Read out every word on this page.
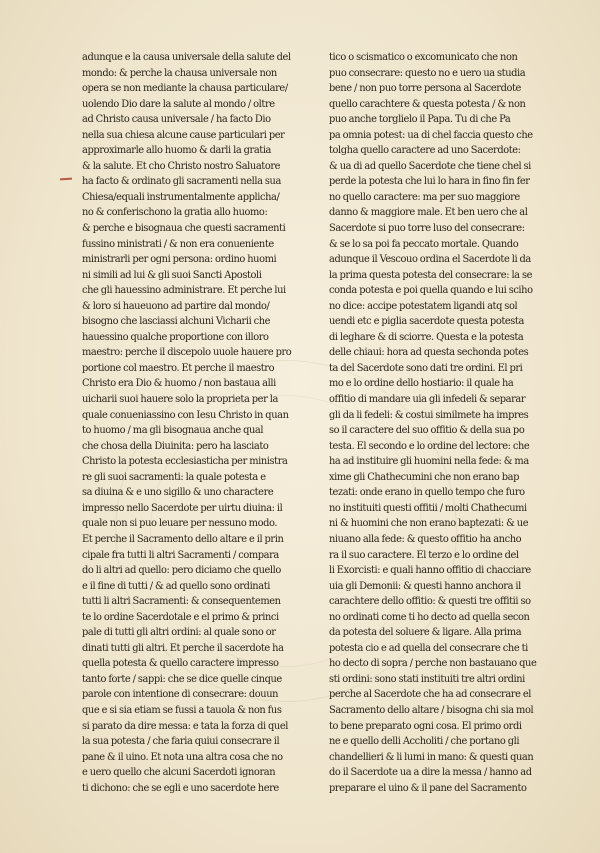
adunque e la causa universale della salute del
mondo: & perche la chausa universale non
opera se non mediante la chausa particulare/
uolendo Dio dare la salute al mondo / oltre
ad Christo causa universale / ha facto Dio
nella sua chiesa alcune cause particulari per
approximarle allo huomo & darli la gratia
& la salute. Et cho Christo nostro Saluatore
ha facto & ordinato gli sacramenti nella sua
Chiesa/equali instrumentalmente applicha/
no & conferischono la gratia allo huomo:
& perche e bisognaua che questi sacramenti
fussino ministrati / & non era conueniente
ministrarli per ogni persona: ordino huomi
ni simili ad lui & gli suoi Sancti Apostoli
che gli hauessino administrare. Et perche lui
& loro si haueuono ad partire dal mondo/
bisogno che lasciassi alchuni Vicharii che
hauessino qualche proportione con illoro
maestro: perche il discepolo uuole hauere pro
portione col maestro. Et perche il maestro
Christo era Dio & huomo / non bastaua alli
uicharii suoi hauere solo la proprieta per la
quale conueniassino con Iesu Christo in quan
to huomo / ma gli bisognaua anche qual
che chosa della Diuinita: pero ha lasciato
Christo la potesta ecclesiasticha per ministra
re gli suoi sacramenti: la quale potesta e
sa diuina & e uno sigillo & uno charactere
impresso nello Sacerdote per uirtu diuina: il
quale non si puo leuare per nessuno modo.
Et perche il Sacramento dello altare e il prin
cipale fra tutti li altri Sacramenti / compara
do li altri ad quello: pero diciamo che quello
e il fine di tutti / & ad quello sono ordinati
tutti li altri Sacramenti: & consequentemen
te lo ordine Sacerdotale e el primo & princi
pale di tutti gli altri ordini: al quale sono or
dinati tutti gli altri. Et perche il sacerdote ha
quella potesta & quello caractere impresso
tanto forte / sappi: che se dice quelle cinque
parole con intentione di consecrare: douun
que e si sia etiam se fussi a tauola & non fus
si parato da dire messa: e tata la forza di quel
la sua potesta / che faria quiui consecrare il
pane & il uino. Et nota una altra cosa che no
e uero quello che alcuni Sacerdoti ignoran
ti dichono: che se egli e uno sacerdote here
tico o scismatico o excomunicato che non
puo consecrare: questo no e uero ua studia
bene / non puo torre persona al Sacerdote
quello carachtere & questa potesta / & non
puo anche torglielo il Papa. Tu di che Pa
pa omnia potest: ua di chel faccia questo che
tolgha quello caractere ad uno Sacerdote:
& ua di ad quello Sacerdote che tiene chel si
perde la potesta che lui lo hara in fino fin fer
no quello caractere: ma per suo maggiore
danno & maggiore male. Et ben uero che al
Sacerdote si puo torre luso del consecrare:
& se lo sa poi fa peccato mortale. Quando
adunque il Vescouo ordina el Sacerdote li da
la prima questa potesta del consecrare: la se
conda potesta e poi quella quando e lui sciho
no dice: accipe potestatem ligandi atq sol
uendi etc e piglia sacerdote questa potesta
di leghare & di sciorre. Questa e la potesta
delle chiaui: hora ad questa sechonda potes
ta del Sacerdote sono dati tre ordini. El pri
mo e lo ordine dello hostiario: il quale ha
offitio di mandare uia gli infedeli & separar
gli da li fedeli: & costui similmete ha impres
so il caractere del suo offitio & della sua po
testa. El secondo e lo ordine del lectore: che
ha ad instituire gli huomini nella fede: & ma
xime gli Chathecumini che non erano bap
tezati: onde erano in quello tempo che furo
no instituiti questi offitii / molti Chathecumi
ni & huomini che non erano baptezati: & ue
niuano alla fede: & questo offitio ha ancho
ra il suo caractere. El terzo e lo ordine del
li Exorcisti: e quali hanno offitio di chacciare
uia gli Demonii: & questi hanno anchora il
carachtere dello offitio: & questi tre offitii so
no ordinati come ti ho decto ad quella secon
da potesta del soluere & ligare. Alla prima
potesta cio e ad quella del consecrare che ti
ho decto di sopra / perche non bastauano que
sti ordini: sono stati instituiti tre altri ordini
perche al Sacerdote che ha ad consecrare el
Sacramento dello altare / bisogna chi sia mol
to bene preparato ogni cosa. El primo ordi
ne e quello delli Accholiti / che portano gli
chandellieri & li lumi in mano: & questi quan
do il Sacerdote ua a dire la messa / hanno ad
preparare el uino & il pane del Sacramento
